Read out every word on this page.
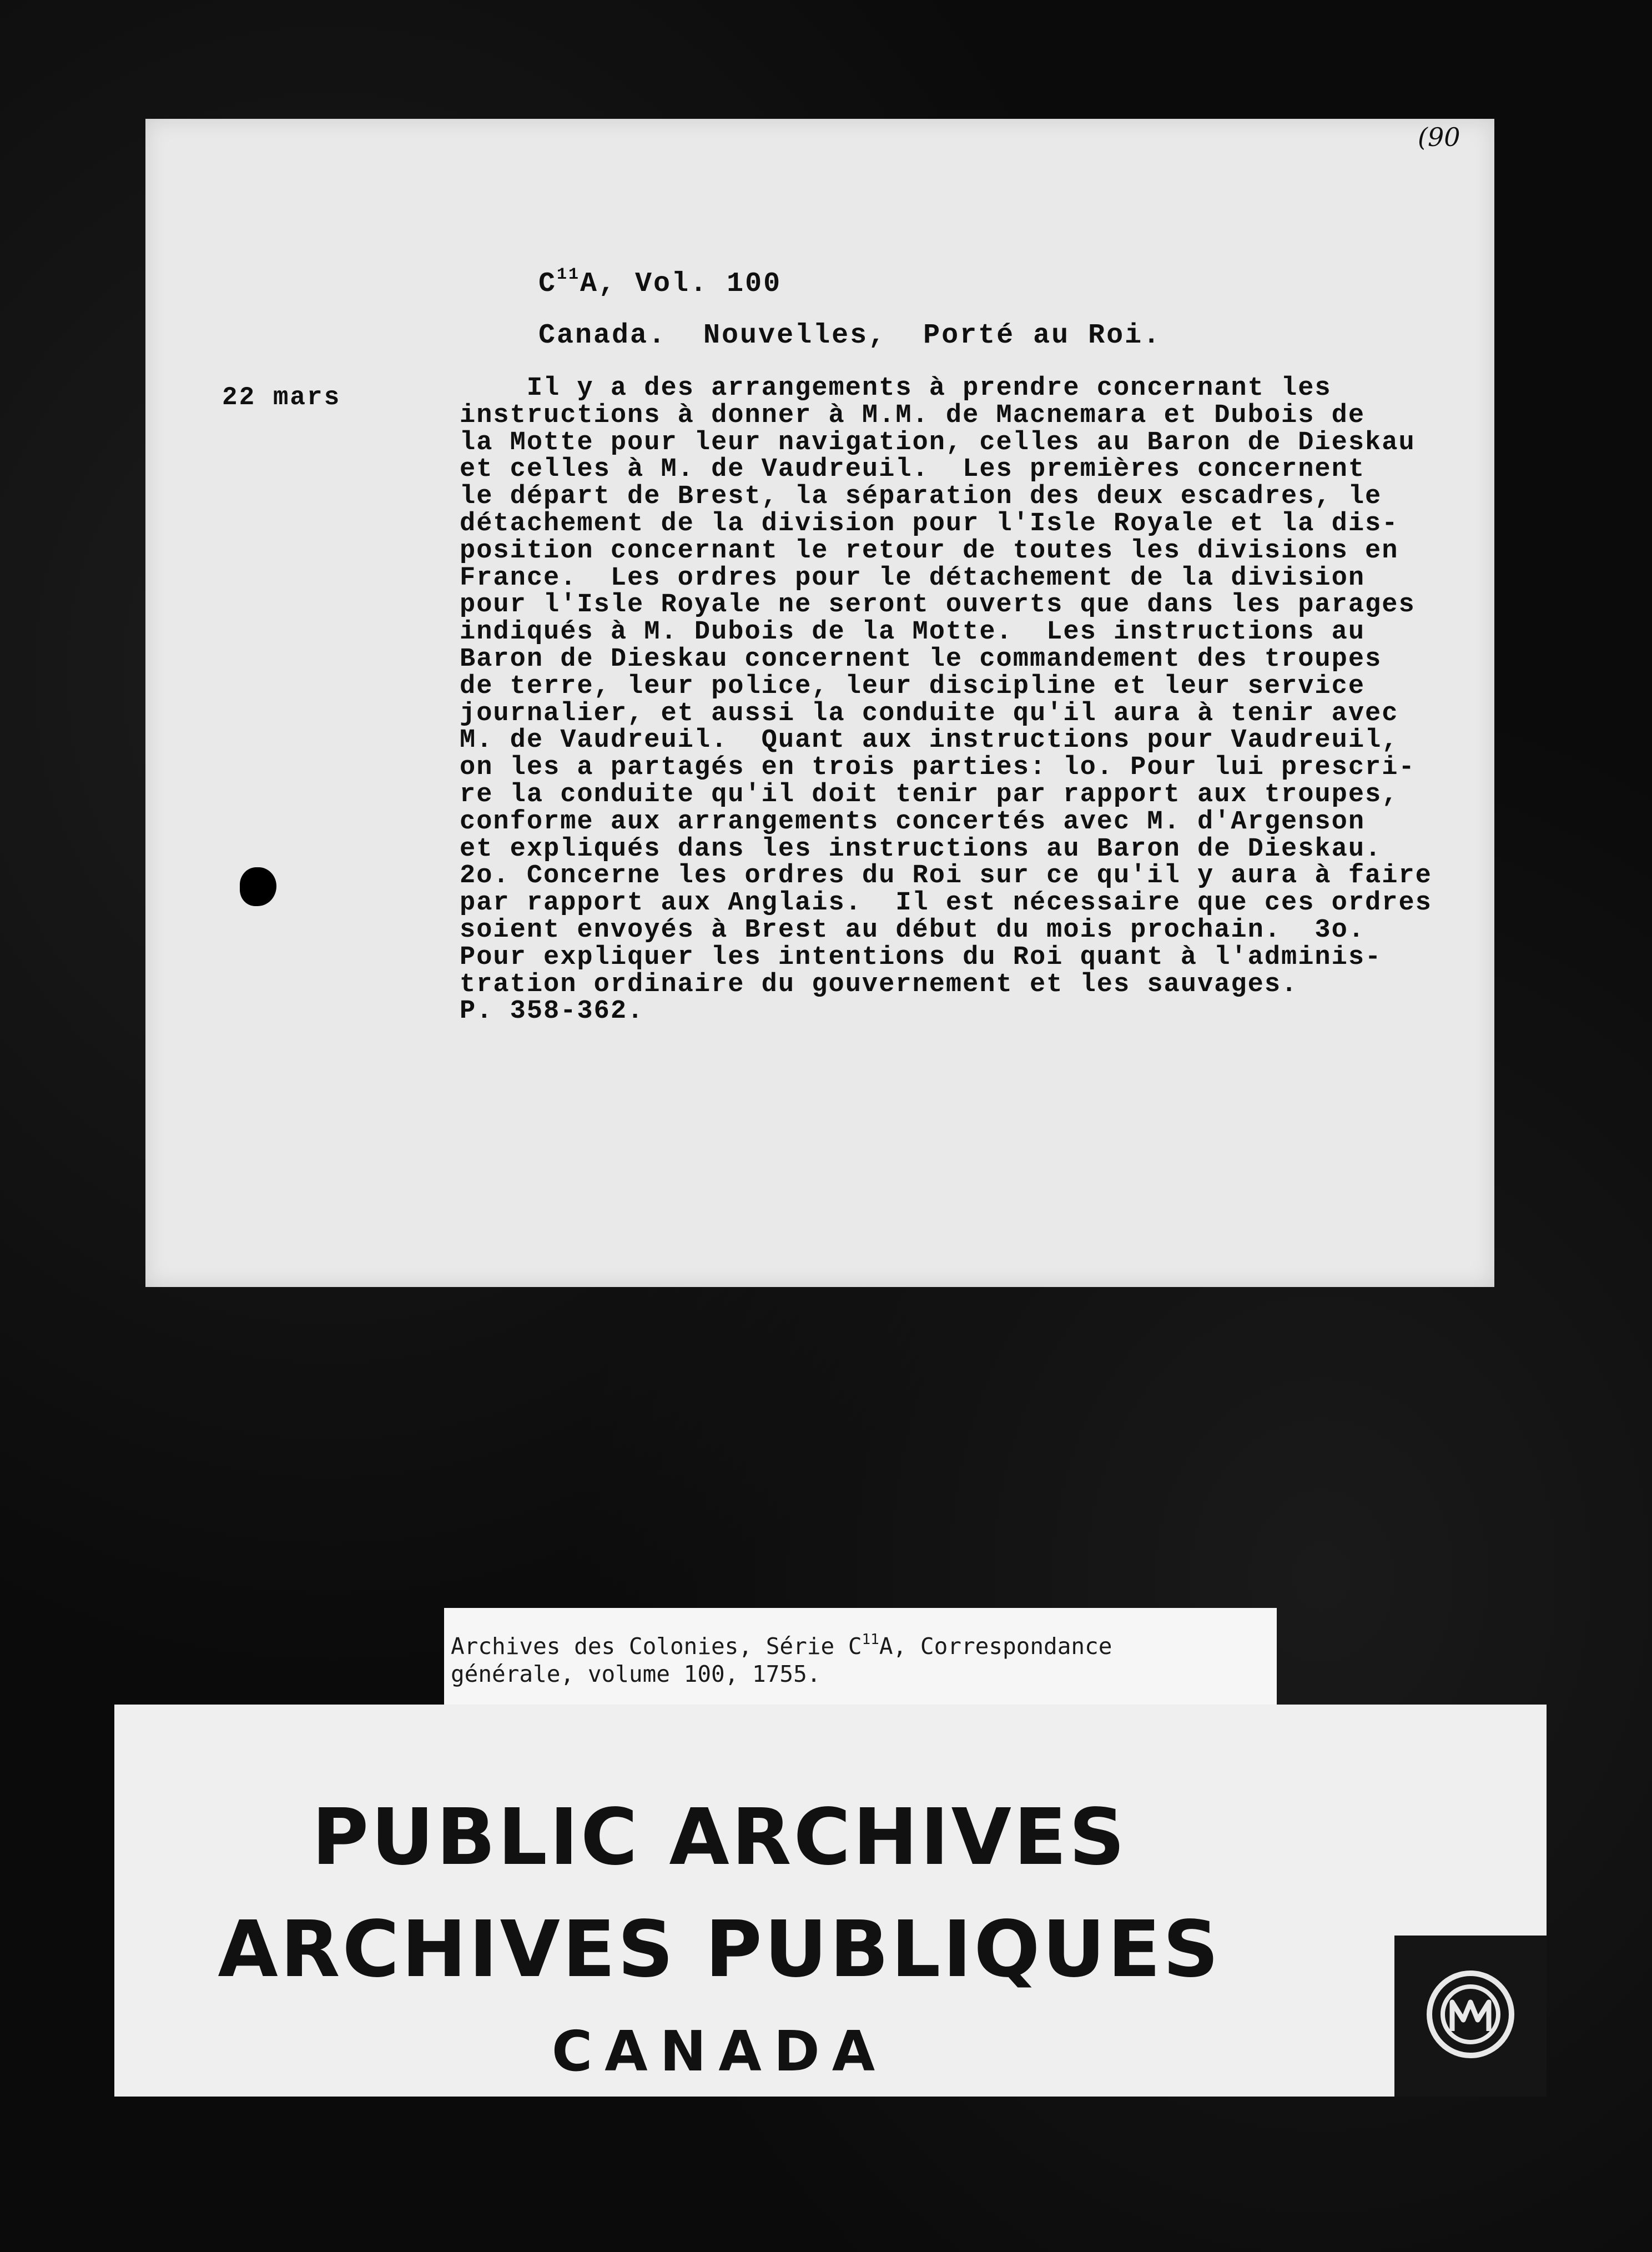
(90
$C^{11}A$, Vol. 100
Canada.  Nouvelles,  Porté au Roi.
22 mars	Il y a des arrangements à prendre concernant les
instructions à donner à M.M. de Macnemara et Dubois de
la Motte pour leur navigation, celles au Baron de Dieskau
et celles à M. de Vaudreuil.  Les premières concernent
le départ de Brest, la séparation des deux escadres, le
détachement de la division pour l'Isle Royale et la dis-
position concernant le retour de toutes les divisions en
France.  Les ordres pour le détachement de la division
pour l'Isle Royale ne seront ouverts que dans les parages
indiqués à M. Dubois de la Motte.  Les instructions au
Baron de Dieskau concernent le commandement des troupes
de terre, leur police, leur discipline et leur service
journalier, et aussi la conduite qu'il aura à tenir avec
M. de Vaudreuil.  Quant aux instructions pour Vaudreuil,
on les a partagés en trois parties: lo. Pour lui prescri-
re la conduite qu'il doit tenir par rapport aux troupes,
conforme aux arrangements concertés avec M. d'Argenson
et expliqués dans les instructions au Baron de Dieskau.
2o. Concerne les ordres du Roi sur ce qu'il y aura à faire
par rapport aux Anglais.  Il est nécessaire que ces ordres
soient envoyés à Brest au début du mois prochain.  3o.
Pour expliquer les intentions du Roi quant à l'adminis-
tration ordinaire du gouvernement et les sauvages.
P. 358-362.
Archives des Colonies, Série $C^{11}A$, Correspondance
générale, volume 100, 1755.
PUBLIC ARCHIVES
ARCHIVES PUBLIQUES
CANADA
